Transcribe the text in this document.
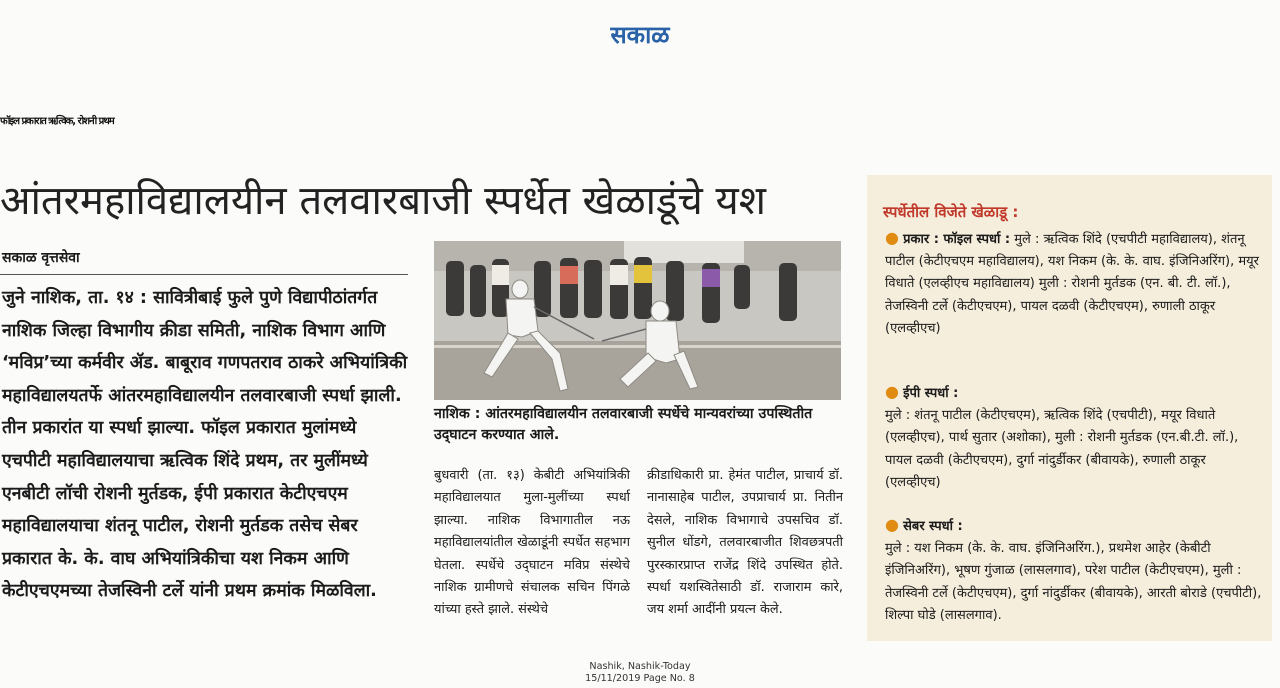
सकाळ
फॉइल प्रकारात ऋत्विक, रोशनी प्रथम
आंतरमहाविद्यालयीन तलवारबाजी स्पर्धेत खेळाडूंचे यश
सकाळ वृत्तसेवा
जुने नाशिक, ता. १४ : सावित्रीबाई फुले पुणे विद्यापीठांतर्गत नाशिक जिल्हा विभागीय क्रीडा समिती, नाशिक विभाग आणि ‘मविप्र’च्या कर्मवीर ॲड. बाबूराव गणपतराव ठाकरे अभियांत्रिकी महाविद्यालयतर्फे आंतरमहाविद्यालयीन तलवारबाजी स्पर्धा झाली. तीन प्रकारांत या स्पर्धा झाल्या. फॉइल प्रकारात मुलांमध्ये एचपीटी महाविद्यालयाचा ऋत्विक शिंदे प्रथम, तर मुलींमध्ये एनबीटी लॉची रोशनी मुर्तडक, ईपी प्रकारात केटीएचएम महाविद्यालयाचा शंतनू पाटील, रोशनी मुर्तडक तसेच सेबर प्रकारात के. के. वाघ अभियांत्रिकीचा यश निकम आणि केटीएचएमच्या तेजस्विनी टर्ले यांनी प्रथम क्रमांक मिळविला.
नाशिक : आंतरमहाविद्यालयीन तलवारबाजी स्पर्धेचे मान्यवरांच्या उपस्थितीत उद्‍घाटन करण्यात आले.
बुधवारी (ता. १३) केबीटी अभियांत्रिकी महाविद्यालयात मुला-मुलींच्या स्पर्धा झाल्या. नाशिक विभागातील नऊ महाविद्यालयांतील खेळाडूंनी स्पर्धेत सहभाग घेतला. स्पर्धेचे उद्‍घाटन मविप्र संस्थेचे नाशिक ग्रामीणचे संचालक सचिन पिंगळे यांच्या हस्ते झाले. संस्थेचे
क्रीडाधिकारी प्रा. हेमंत पाटील, प्राचार्य डॉ. नानासाहेब पाटील, उपप्राचार्य प्रा. नितीन देसले, नाशिक विभागाचे उपसचिव डॉ. सुनील धोंडगे, तलवारबाजीत शिवछत्रपती पुरस्कारप्राप्त राजेंद्र शिंदे उपस्थित होते. स्पर्धा यशस्वितेसाठी डॉ. राजाराम कारे, जय शर्मा आदींनी प्रयत्न केले.
स्पर्धेतील विजेते खेळाडू :
● प्रकार : फॉइल स्पर्धा : मुले : ऋत्विक शिंदे (एचपीटी महाविद्यालय), शंतनू पाटील (केटीएचएम महाविद्यालय), यश निकम (के. के. वाघ. इंजिनिअरिंग), मयूर विधाते (एलव्हीएच महाविद्यालय) मुली : रोशनी मुर्तडक (एन. बी. टी. लॉ.), तेजस्विनी टर्ले (केटीएचएम), पायल दळवी (केटीएचएम), रुणाली ठाकूर (एलव्हीएच)
● ईपी स्पर्धा :
मुले : शंतनू पाटील (केटीएचएम), ऋत्विक शिंदे (एचपीटी), मयूर विधाते (एलव्हीएच), पार्थ सुतार (अशोका), मुली : रोशनी मुर्तडक (एन.बी.टी. लॉ.), पायल दळवी (केटीएचएम), दुर्गा नांदुर्डीकर (बीवायके), रुणाली ठाकूर (एलव्हीएच)
● सेबर स्पर्धा :
मुले : यश निकम (के. के. वाघ. इंजिनिअरिंग.), प्रथमेश आहेर (केबीटी इंजिनिअरिंग), भूषण गुंजाळ (लासलगाव), परेश पाटील (केटीएचएम), मुली : तेजस्विनी टर्ले (केटीएचएम), दुर्गा नांदुर्डीकर (बीवायके), आरती बोराडे (एचपीटी), शिल्पा घोडे (लासलगाव).
Nashik, Nashik-Today
15/11/2019 Page No. 8
